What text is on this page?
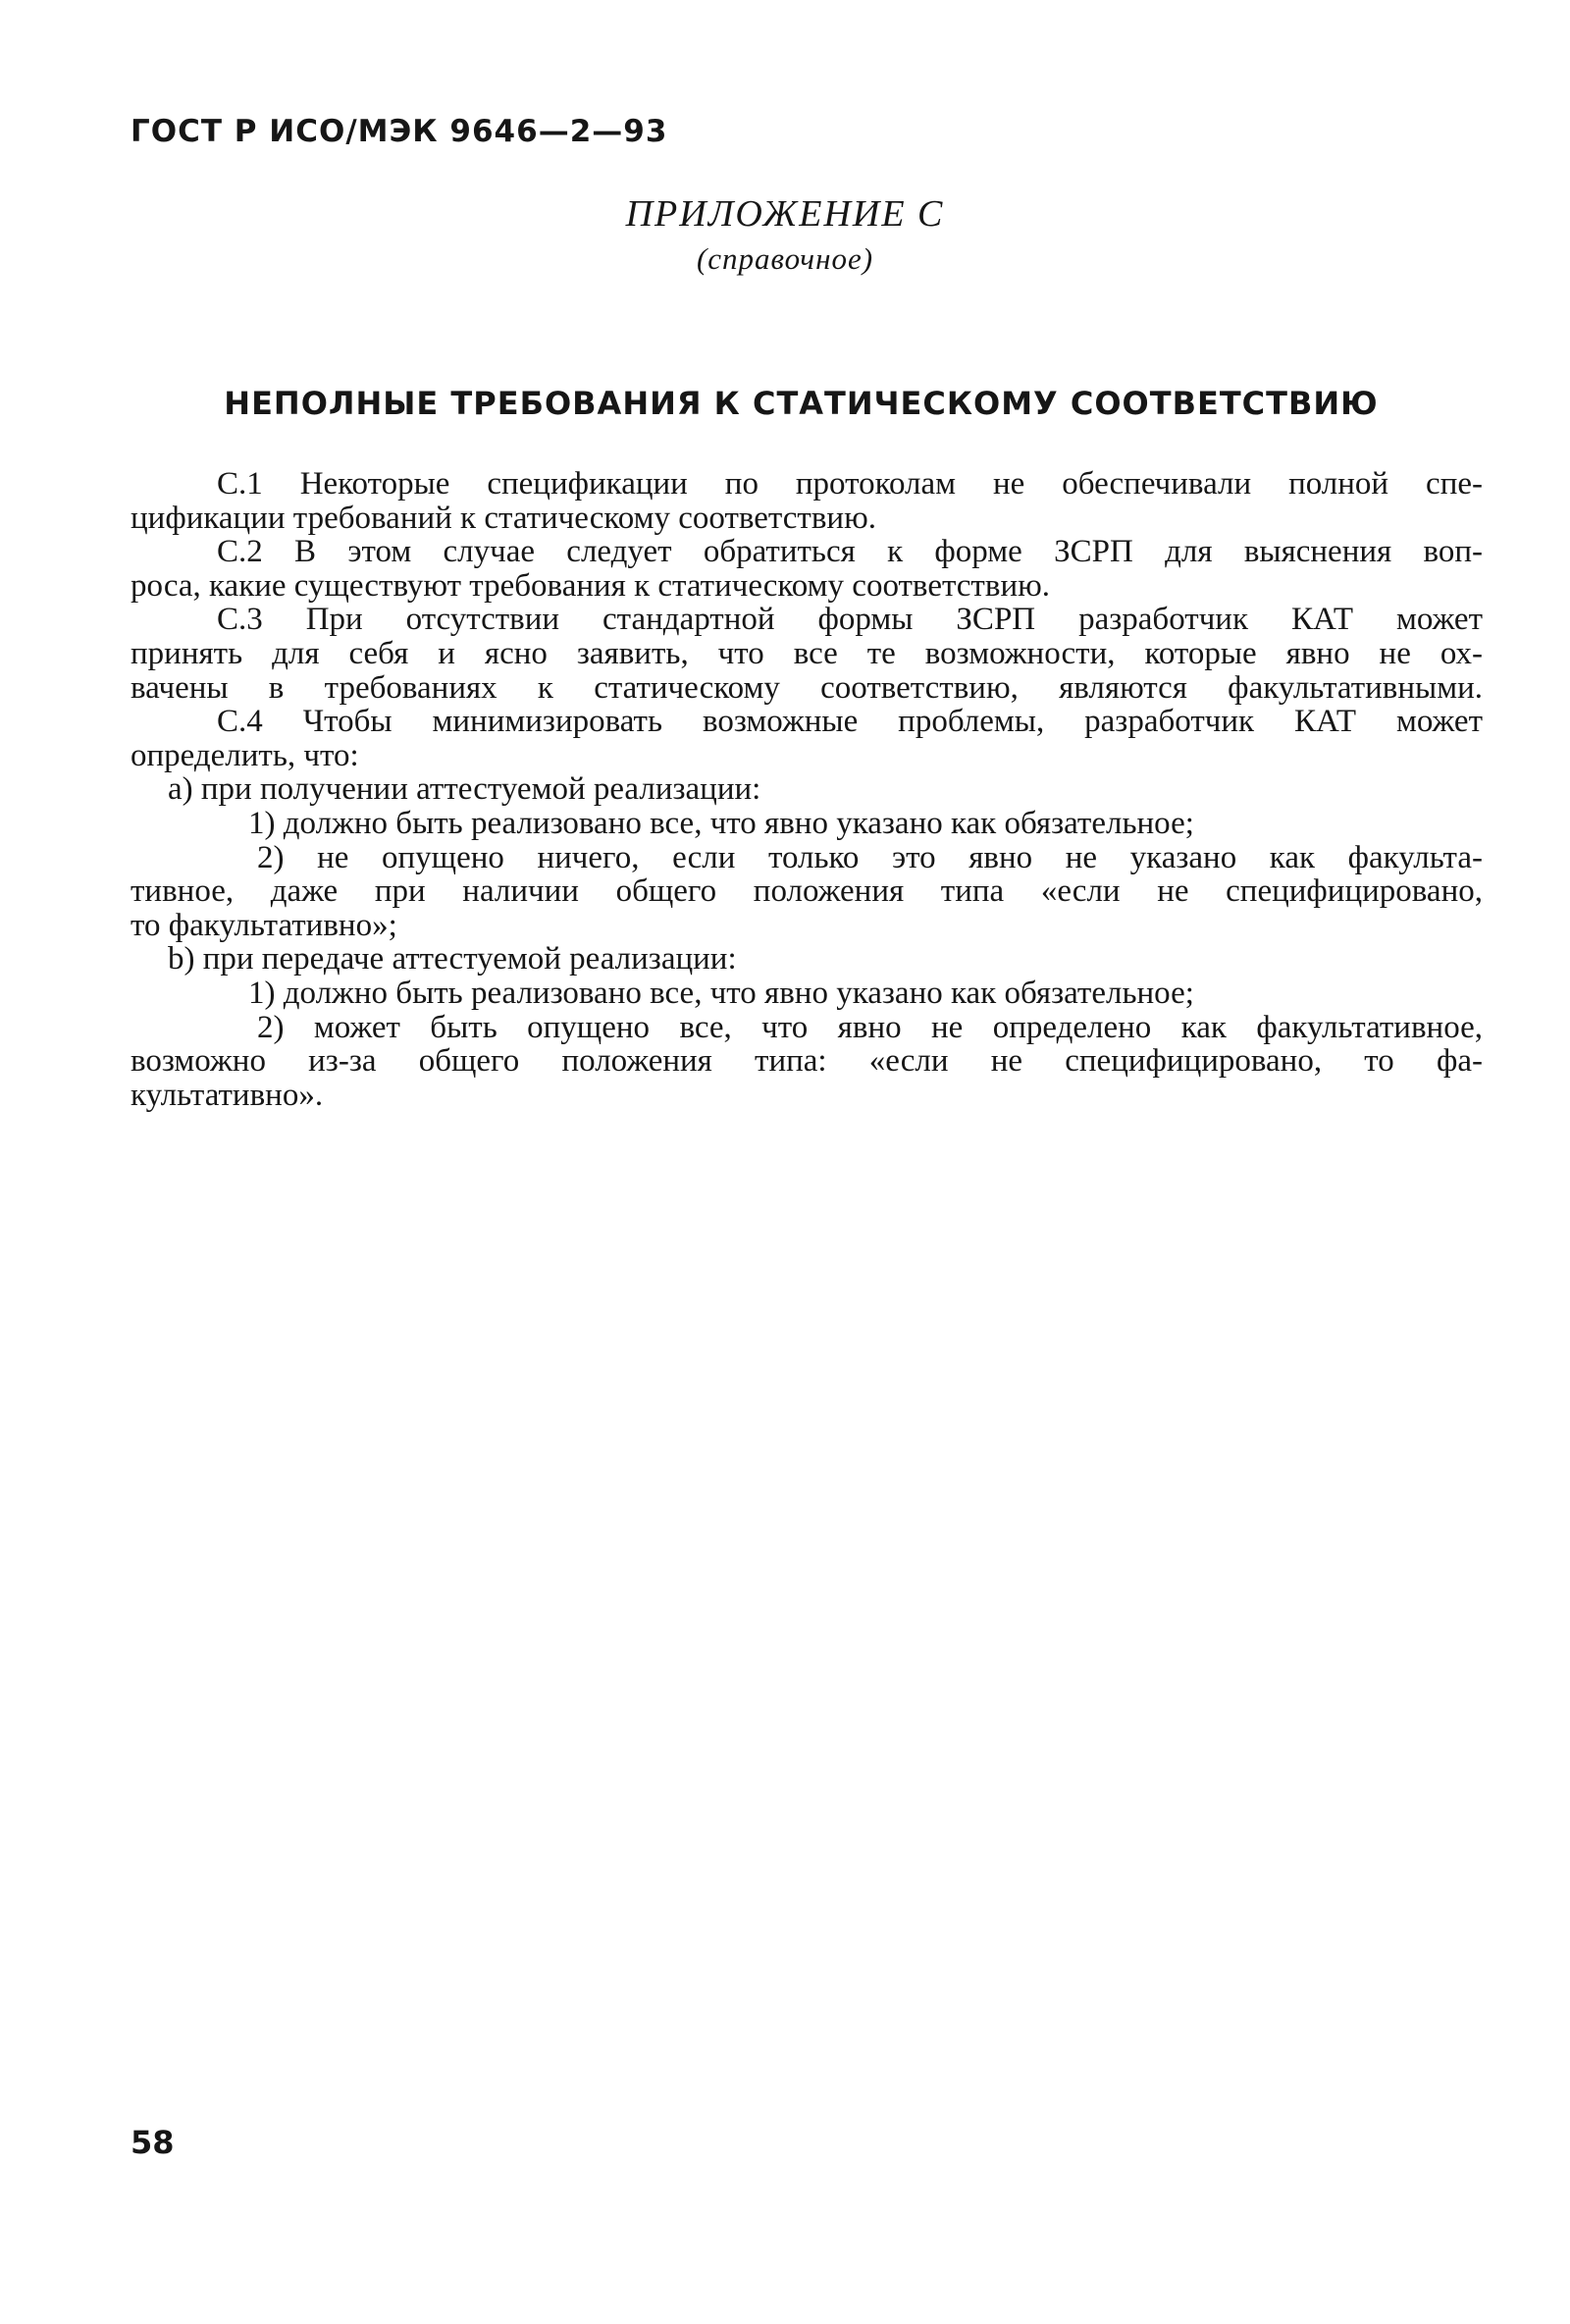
ГОСТ Р ИСО/МЭК 9646—2—93
ПРИЛОЖЕНИЕ С
(справочное)
НЕПОЛНЫЕ ТРЕБОВАНИЯ К СТАТИЧЕСКОМУ СООТВЕТСТВИЮ
C.1 Некоторые спецификации по протоколам не обеспечивали полной спе-
цификации требований к статическому соответствию.
C.2 В этом случае следует обратиться к форме ЗСРП для выяснения воп-
роса, какие существуют требования к статическому соответствию.
C.3 При отсутствии стандартной формы ЗСРП разработчик КАТ может
принять для себя и ясно заявить, что все те возможности, которые явно не ох-
вачены в требованиях к статическому соответствию, являются факультативными.
C.4 Чтобы минимизировать возможные проблемы, разработчик КАТ может
определить, что:
a) при получении аттестуемой реализации:
1) должно быть реализовано все, что явно указано как обязательное;
2) не опущено ничего, если только это явно не указано как факульта-
тивное, даже при наличии общего положения типа «если не специфицировано,
то факультативно»;
b) при передаче аттестуемой реализации:
1) должно быть реализовано все, что явно указано как обязательное;
2) может быть опущено все, что явно не определено как факультативное,
возможно из-за общего положения типа: «если не специфицировано, то фа-
культативно».
58
